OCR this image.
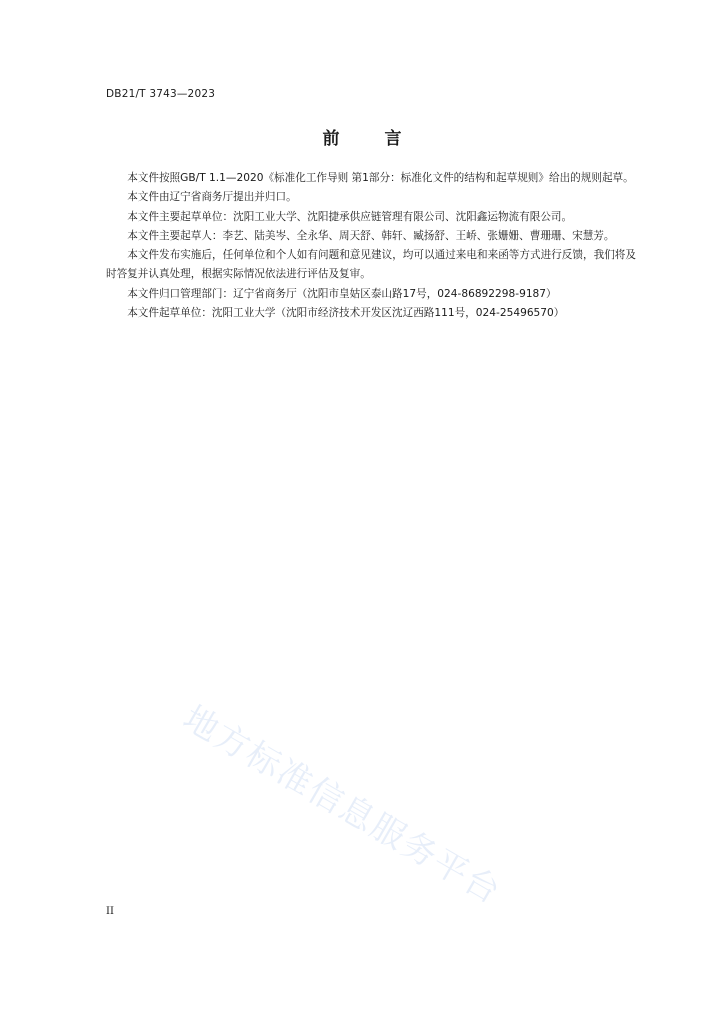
DB21/T 3743—2023
前　言

本文件按照GB/T 1.1—2020《标准化工作导则 第1部分：标准化文件的结构和起草规则》给出的规则起草。

本文件由辽宁省商务厅提出并归口。

本文件主要起草单位：沈阳工业大学、沈阳捷承供应链管理有限公司、沈阳鑫运物流有限公司。

本文件主要起草人：李艺、陆美岑、全永华、周天舒、韩轩、臧扬舒、王峤、张姗姗、曹珊珊、宋慧芳。

本文件发布实施后，任何单位和个人如有问题和意见建议，均可以通过来电和来函等方式进行反馈，我们将及时答复并认真处理，根据实际情况依法进行评估及复审。

本文件归口管理部门：辽宁省商务厅（沈阳市皇姑区泰山路17号，024-86892298-9187）

本文件起草单位：沈阳工业大学（沈阳市经济技术开发区沈辽西路111号，024-25496570）

地方标准信息服务平台
II
